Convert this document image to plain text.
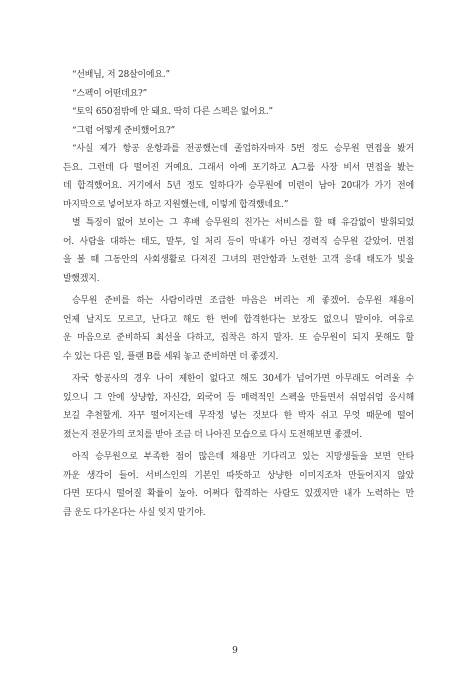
“선배님, 저 28살이에요.”
“스펙이 어떤데요?”
“토익 650점밖에 안 돼요. 딱히 다른 스펙은 없어요.”
“그럼 어떻게 준비했어요?”
“사실 제가 항공 운항과를 전공했는데 졸업하자마자 5번 정도 승무원 면접을 봤거
든요. 그런데 다 떨어진 거예요. 그래서 아예 포기하고 A그룹 사장 비서 면접을 봤는
데 합격했어요. 거기에서 5년 정도 일하다가 승무원에 미련이 남아 20대가 가기 전에
마지막으로 넣어보자 하고 지원했는데, 이렇게 합격했네요.”
별 특징이 없어 보이는 그 후배 승무원의 진가는 서비스를 할 때 유감없이 발휘되었
어. 사람을 대하는 태도, 말투, 일 처리 등이 막내가 아닌 경력직 승무원 같았어. 면접
을 볼 때 그동안의 사회생활로 다져진 그녀의 편안함과 노련한 고객 응대 태도가 빛을
발했겠지.
승무원 준비를 하는 사람이라면 조급한 마음은 버리는 게 좋겠어. 승무원 채용이
언제 날지도 모르고, 난다고 해도 한 번에 합격한다는 보장도 없으니 말이야. 여유로
운 마음으로 준비하되 최선을 다하고, 집착은 하지 말자. 또 승무원이 되지 못해도 할
수 있는 다른 일, 플랜 B를 세워 놓고 준비하면 더 좋겠지.
자국 항공사의 경우 나이 제한이 없다고 해도 30세가 넘어가면 아무래도 어려울 수
있으니 그 안에 상냥함, 자신감, 외국어 등 매력적인 스펙을 만들면서 쉬엄쉬엄 응시해
보길 추천할게. 자꾸 떨어지는데 무작정 넣는 것보다 한 박자 쉬고 무엇 때문에 떨어
졌는지 전문가의 코치를 받아 조금 더 나아진 모습으로 다시 도전해보면 좋겠어.
아직 승무원으로 부족한 점이 많은데 채용만 기다리고 있는 지망생들을 보면 안타
까운 생각이 들어. 서비스인의 기본인 따뜻하고 상냥한 이미지조차 만들어지지 않았
다면 또다시 떨어질 확률이 높아. 어쩌다 합격하는 사람도 있겠지만 내가 노력하는 만
큼 운도 다가온다는 사실 잊지 말기야.
9
